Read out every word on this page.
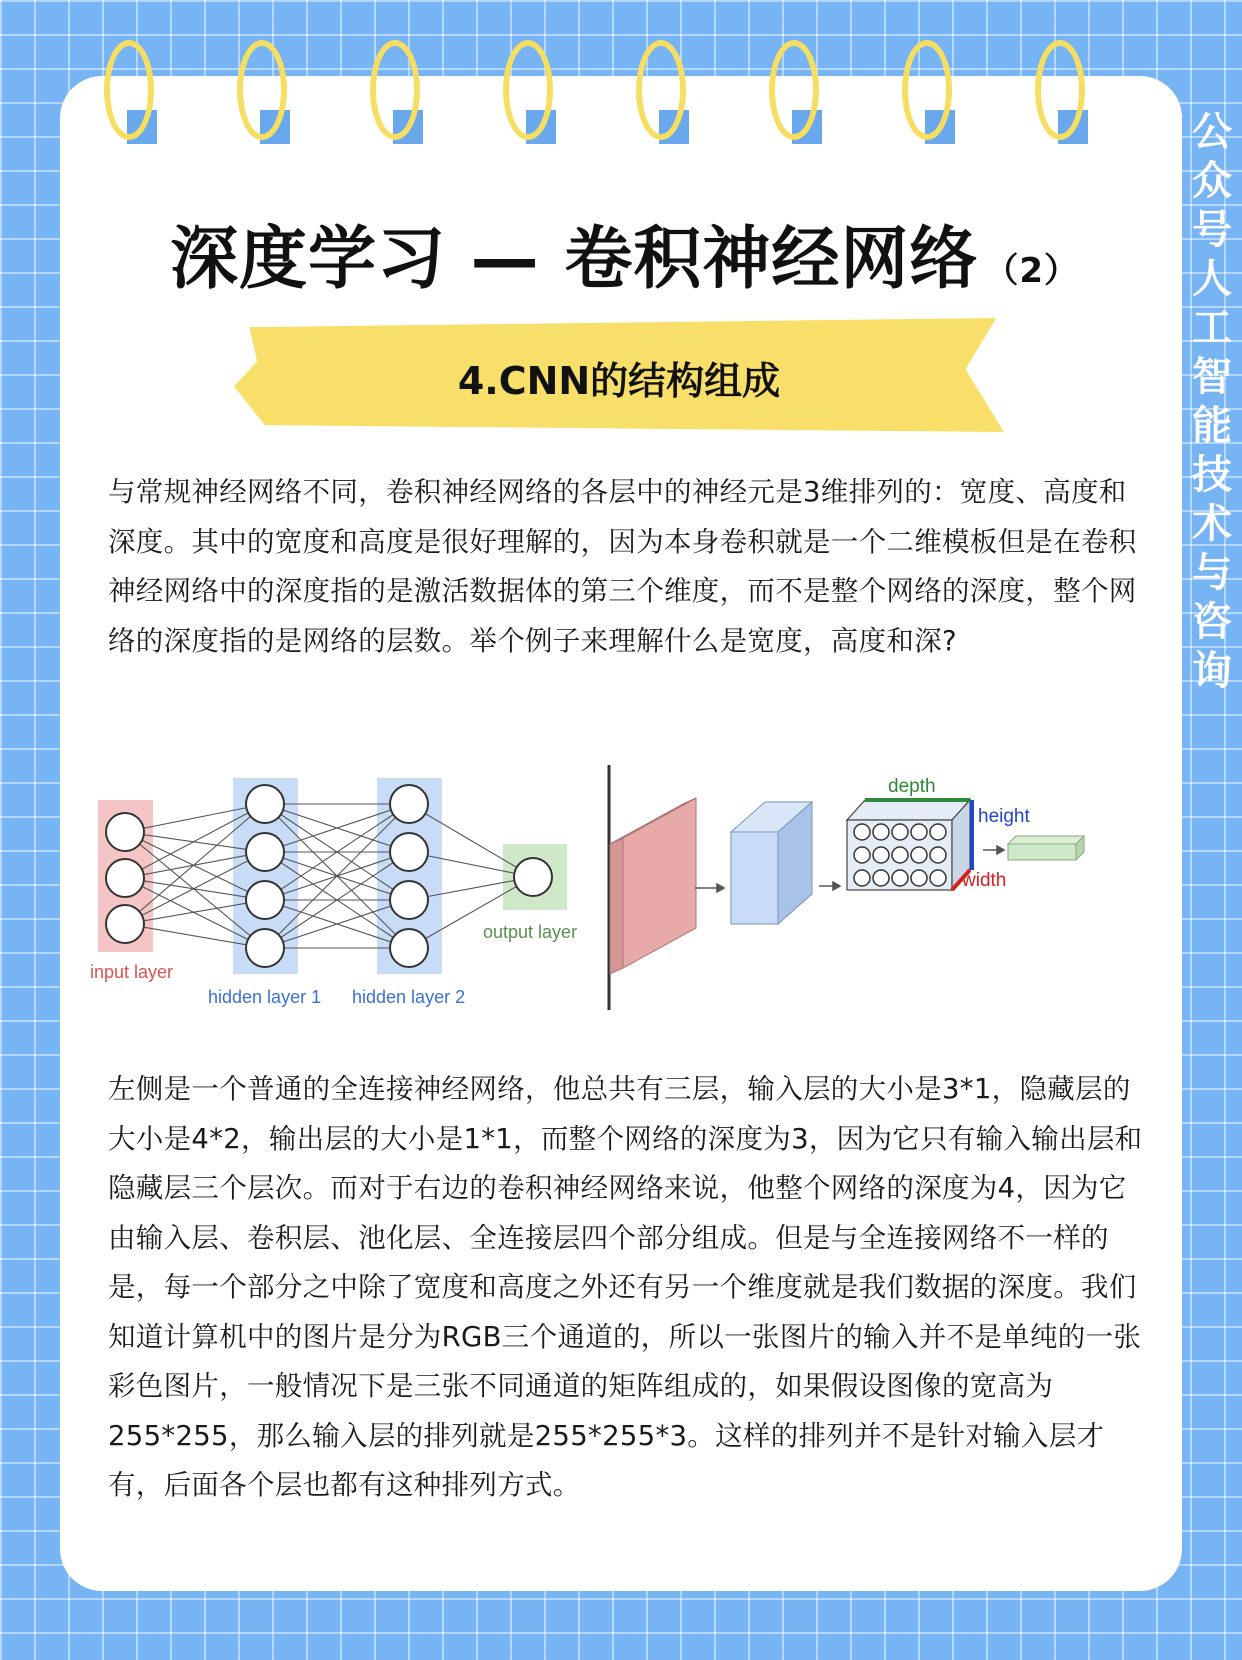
公众号 人工智能技术与咨询
深度学习 — 卷积神经网络 （2）
4.CNN的结构组成

与常规神经网络不同，卷积神经网络的各层中的神经元是3维排列的：宽度、高度和深度。其中的宽度和高度是很好理解的，因为本身卷积就是一个二维模板但是在卷积神经网络中的深度指的是激活数据体的第三个维度，而不是整个网络的深度，整个网络的深度指的是网络的层数。举个例子来理解什么是宽度，高度和深?

input layer
hidden layer 1 hidden layer 2
output layer
depth
height
width

左侧是一个普通的全连接神经网络，他总共有三层，输入层的大小是3*1，隐藏层的大小是4*2，输出层的大小是1*1，而整个网络的深度为3，因为它只有输入输出层和隐藏层三个层次。而对于右边的卷积神经网络来说，他整个网络的深度为4，因为它由输入层、卷积层、池化层、全连接层四个部分组成。但是与全连接网络不一样的是，每一个部分之中除了宽度和高度之外还有另一个维度就是我们数据的深度。我们知道计算机中的图片是分为RGB三个通道的，所以一张图片的输入并不是单纯的一张彩色图片，一般情况下是三张不同通道的矩阵组成的，如果假设图像的宽高为255*255，那么输入层的排列就是255*255*3。这样的排列并不是针对输入层才有，后面各个层也都有这种排列方式。
